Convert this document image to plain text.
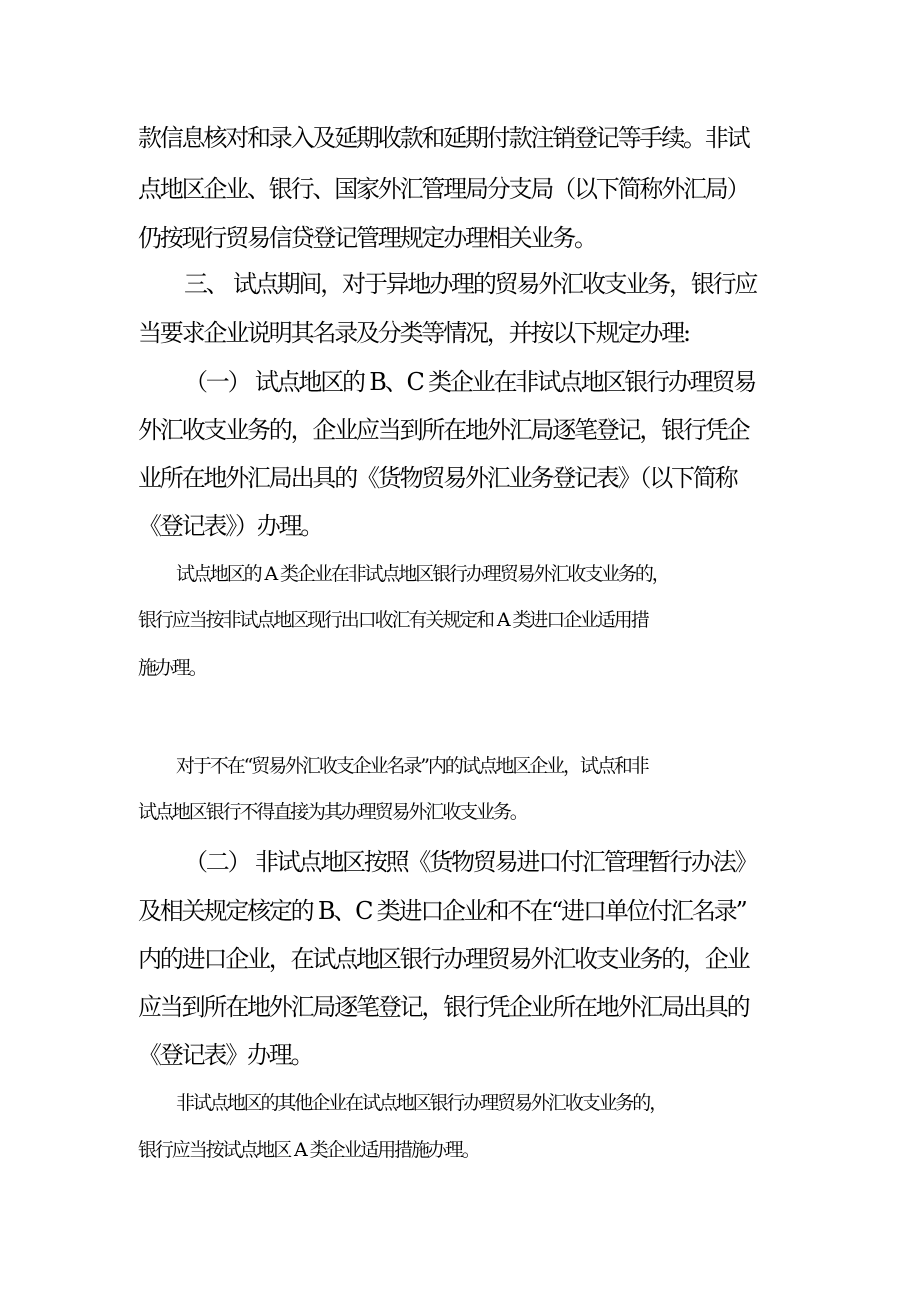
款信息核对和录入及延期收款和延期付款注销登记等手续。非试
点地区企业、银行、国家外汇管理局分支局（以下简称外汇局）
仍按现行贸易信贷登记管理规定办理相关业务。
三、 试点期间，对于异地办理的贸易外汇收支业务，银行应
当要求企业说明其名录及分类等情况，并按以下规定办理:
（一） 试点地区的 B、C 类企业在非试点地区银行办理贸易
外汇收支业务的，企业应当到所在地外汇局逐笔登记，银行凭企
业所在地外汇局出具的《货物贸易外汇业务登记表》（以下简称
《登记表》）办理。
试点地区的 A 类企业在非试点地区银行办理贸易外汇收支业务的，
银行应当按非试点地区现行出口收汇有关规定和 A 类进口企业适用措
施办理。
对于不在“贸易外汇收支企业名录”内的试点地区企业，试点和非
试点地区银行不得直接为其办理贸易外汇收支业务。
（二） 非试点地区按照《货物贸易进口付汇管理暂行办法》
及相关规定核定的 B、C 类进口企业和不在“进口单位付汇名录”
内的进口企业，在试点地区银行办理贸易外汇收支业务的，企业
应当到所在地外汇局逐笔登记，银行凭企业所在地外汇局出具的
《登记表》办理。
非试点地区的其他企业在试点地区银行办理贸易外汇收支业务的，
银行应当按试点地区 A 类企业适用措施办理。
